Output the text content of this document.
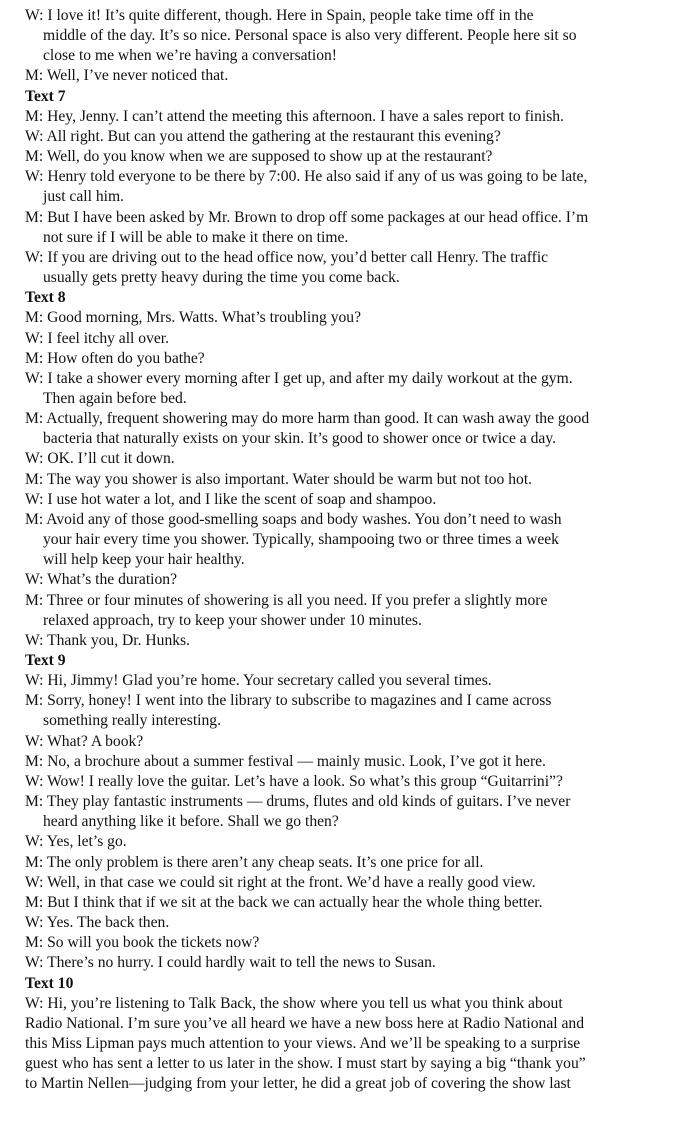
W: I love it! It’s quite different, though. Here in Spain, people take time off in the
middle of the day. It’s so nice. Personal space is also very different. People here sit so
close to me when we’re having a conversation!
M: Well, I’ve never noticed that.
Text 7
M: Hey, Jenny. I can’t attend the meeting this afternoon. I have a sales report to finish.
W: All right. But can you attend the gathering at the restaurant this evening?
M: Well, do you know when we are supposed to show up at the restaurant?
W: Henry told everyone to be there by 7:00. He also said if any of us was going to be late,
just call him.
M: But I have been asked by Mr. Brown to drop off some packages at our head office. I’m
not sure if I will be able to make it there on time.
W: If you are driving out to the head office now, you’d better call Henry. The traffic
usually gets pretty heavy during the time you come back.
Text 8
M: Good morning, Mrs. Watts. What’s troubling you?
W: I feel itchy all over.
M: How often do you bathe?
W: I take a shower every morning after I get up, and after my daily workout at the gym.
Then again before bed.
M: Actually, frequent showering may do more harm than good. It can wash away the good
bacteria that naturally exists on your skin. It’s good to shower once or twice a day.
W: OK. I’ll cut it down.
M: The way you shower is also important. Water should be warm but not too hot.
W: I use hot water a lot, and I like the scent of soap and shampoo.
M: Avoid any of those good-smelling soaps and body washes. You don’t need to wash
your hair every time you shower. Typically, shampooing two or three times a week
will help keep your hair healthy.
W: What’s the duration?
M: Three or four minutes of showering is all you need. If you prefer a slightly more
relaxed approach, try to keep your shower under 10 minutes.
W: Thank you, Dr. Hunks.
Text 9
W: Hi, Jimmy! Glad you’re home. Your secretary called you several times.
M: Sorry, honey! I went into the library to subscribe to magazines and I came across
something really interesting.
W: What? A book?
M: No, a brochure about a summer festival — mainly music. Look, I’ve got it here.
W: Wow! I really love the guitar. Let’s have a look. So what’s this group “Guitarrini”?
M: They play fantastic instruments — drums, flutes and old kinds of guitars. I’ve never
heard anything like it before. Shall we go then?
W: Yes, let’s go.
M: The only problem is there aren’t any cheap seats. It’s one price for all.
W: Well, in that case we could sit right at the front. We’d have a really good view.
M: But I think that if we sit at the back we can actually hear the whole thing better.
W: Yes. The back then.
M: So will you book the tickets now?
W: There’s no hurry. I could hardly wait to tell the news to Susan.
Text 10
W: Hi, you’re listening to Talk Back, the show where you tell us what you think about
Radio National. I’m sure you’ve all heard we have a new boss here at Radio National and
this Miss Lipman pays much attention to your views. And we’ll be speaking to a surprise
guest who has sent a letter to us later in the show. I must start by saying a big “thank you”
to Martin Nellen—judging from your letter, he did a great job of covering the show last
